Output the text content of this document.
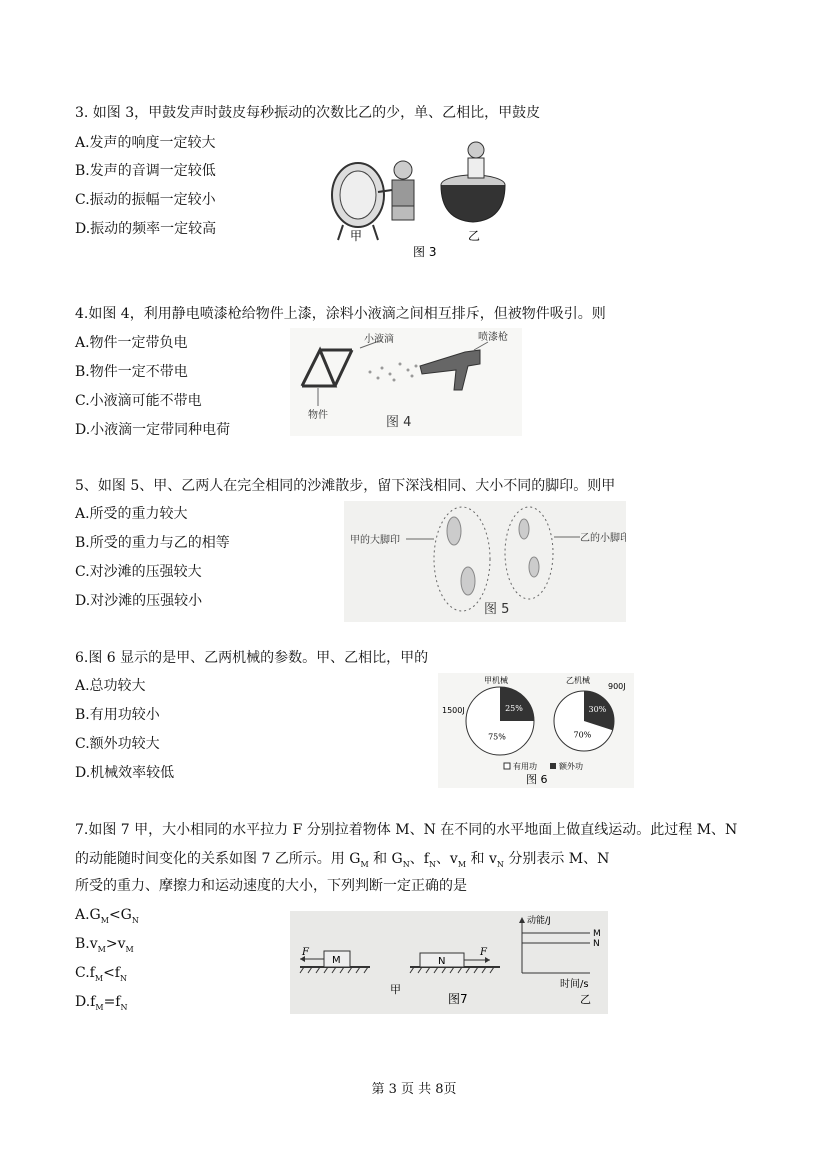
3. 如图 3，甲鼓发声时鼓皮每秒振动的次数比乙的少，单、乙相比，甲鼓皮
A.发声的响度一定较大
B.发声的音调一定较低
C.振动的振幅一定较小
D.振动的频率一定较高	甲	乙
图 3
4.如图 4，利用静电喷漆枪给物件上漆，涂料小液滴之间相互排斥，但被物件吸引。则
A.物件一定带负电
B.物件一定不带电
C.小液滴可能不带电
D.小液滴一定带同种电荷
小液滴	喷漆枪
物件	图 4
5、如图 5、甲、乙两人在完全相同的沙滩散步，留下深浅相同、大小不同的脚印。则甲
A.所受的重力较大
B.所受的重力与乙的相等
C.对沙滩的压强较大
D.对沙滩的压强较小
甲的大脚印	乙的小脚印
图 5
6.图 6 显示的是甲、乙两机械的参数。甲、乙相比，甲的
A.总功较大
B.有用功较小
C.额外功较大
D.机械效率较低
甲机械
1500J
乙机械
900J
25%
75%
30%
70%
有用功	额外功
图 6
7.如图 7 甲，大小相同的水平拉力 F 分别拉着物体 M、N 在不同的水平地面上做直线运动。此过程 M、N
的动能随时间变化的关系如图 7 乙所示。用 $G_M$ 和 $G_N$、$f_N$、$v_M$ 和 $v_N$ 分别表示 M、N
所受的重力、摩擦力和运动速度的大小，下列判断一定正确的是
$A.G_M<G_N$
$B.v_M>v_M$
$C.f_M<f_N$
$D.f_M=f_N$
M
F
N
F
动能/J
M
N
时间/s
甲
图7	乙
第 3 页 共 8页
